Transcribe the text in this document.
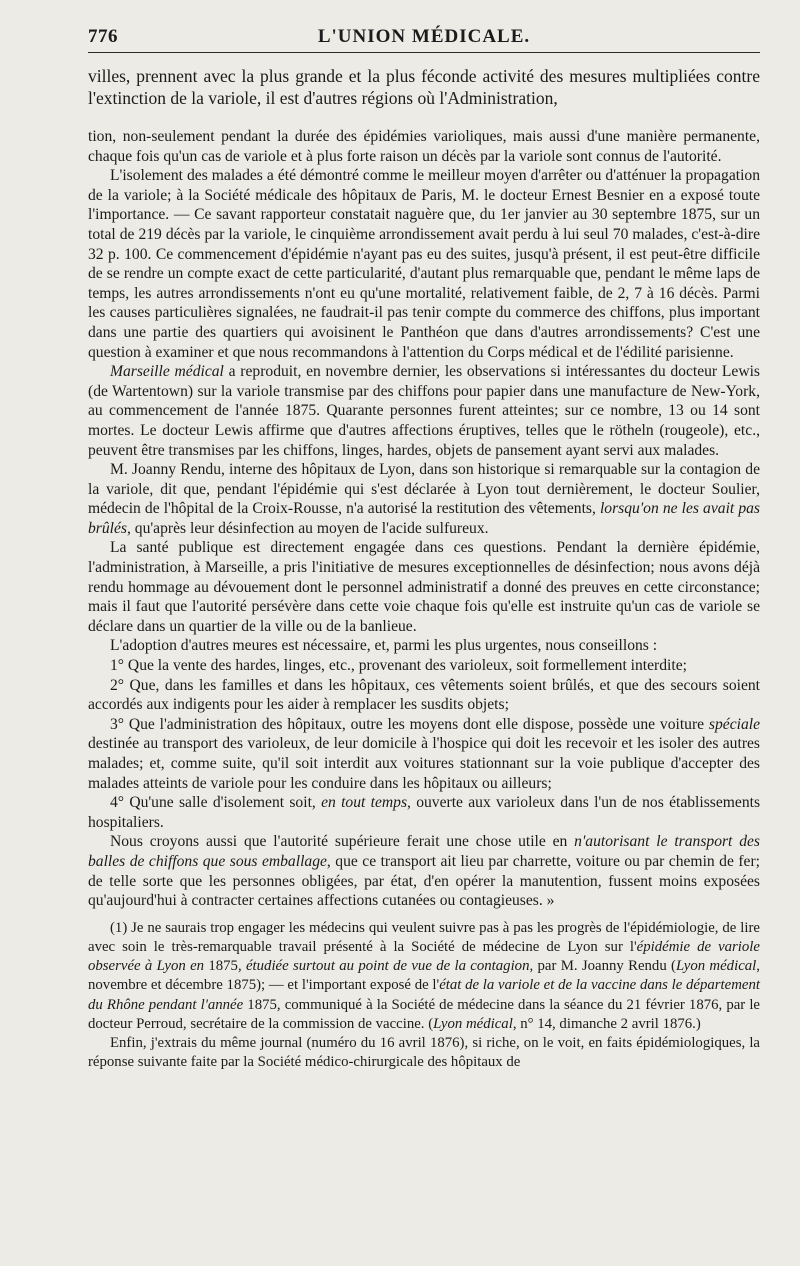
776	L'UNION MÉDICALE.

villes, prennent avec la plus grande et la plus féconde activité des mesures multipliées contre l'extinction de la variole, il est d'autres régions où l'Administration,

tion, non-seulement pendant la durée des épidémies varioliques, mais aussi d'une manière permanente, chaque fois qu'un cas de variole et à plus forte raison un décès par la variole sont connus de l'autorité.

L'isolement des malades a été démontré comme le meilleur moyen d'arrêter ou d'atténuer la propagation de la variole; à la Société médicale des hôpitaux de Paris, M. le docteur Ernest Besnier en a exposé toute l'importance. — Ce savant rapporteur constatait naguère que, du 1er janvier au 30 septembre 1875, sur un total de 219 décès par la variole, le cinquième arrondissement avait perdu à lui seul 70 malades, c'est-à-dire 32 p. 100. Ce commencement d'épidémie n'ayant pas eu des suites, jusqu'à présent, il est peut-être difficile de se rendre un compte exact de cette particularité, d'autant plus remarquable que, pendant le même laps de temps, les autres arrondissements n'ont eu qu'une mortalité, relativement faible, de 2, 7 à 16 décès. Parmi les causes particulières signalées, ne faudrait-il pas tenir compte du commerce des chiffons, plus important dans une partie des quartiers qui avoisinent le Panthéon que dans d'autres arrondissements? C'est une question à examiner et que nous recommandons à l'attention du Corps médical et de l'édilité parisienne.

Marseille médical a reproduit, en novembre dernier, les observations si intéressantes du docteur Lewis (de Wartentown) sur la variole transmise par des chiffons pour papier dans une manufacture de New-York, au commencement de l'année 1875. Quarante personnes furent atteintes; sur ce nombre, 13 ou 14 sont mortes. Le docteur Lewis affirme que d'autres affections éruptives, telles que le rötheln (rougeole), etc., peuvent être transmises par les chiffons, linges, hardes, objets de pansement ayant servi aux malades.

M. Joanny Rendu, interne des hôpitaux de Lyon, dans son historique si remarquable sur la contagion de la variole, dit que, pendant l'épidémie qui s'est déclarée à Lyon tout dernièrement, le docteur Soulier, médecin de l'hôpital de la Croix-Rousse, n'a autorisé la restitution des vêtements, lorsqu'on ne les avait pas brûlés, qu'après leur désinfection au moyen de l'acide sulfureux.

La santé publique est directement engagée dans ces questions. Pendant la dernière épidémie, l'administration, à Marseille, a pris l'initiative de mesures exceptionnelles de désinfection; nous avons déjà rendu hommage au dévouement dont le personnel administratif a donné des preuves en cette circonstance; mais il faut que l'autorité persévère dans cette voie chaque fois qu'elle est instruite qu'un cas de variole se déclare dans un quartier de la ville ou de la banlieue.

L'adoption d'autres meures est nécessaire, et, parmi les plus urgentes, nous conseillons :

1° Que la vente des hardes, linges, etc., provenant des varioleux, soit formellement interdite;

2° Que, dans les familles et dans les hôpitaux, ces vêtements soient brûlés, et que des secours soient accordés aux indigents pour les aider à remplacer les susdits objets;

3° Que l'administration des hôpitaux, outre les moyens dont elle dispose, possède une voiture spéciale destinée au transport des varioleux, de leur domicile à l'hospice qui doit les recevoir et les isoler des autres malades; et, comme suite, qu'il soit interdit aux voitures stationnant sur la voie publique d'accepter des malades atteints de variole pour les conduire dans les hôpitaux ou ailleurs;

4° Qu'une salle d'isolement soit, en tout temps, ouverte aux varioleux dans l'un de nos établissements hospitaliers.

Nous croyons aussi que l'autorité supérieure ferait une chose utile en n'autorisant le transport des balles de chiffons que sous emballage, que ce transport ait lieu par charrette, voiture ou par chemin de fer; de telle sorte que les personnes obligées, par état, d'en opérer la manutention, fussent moins exposées qu'aujourd'hui à contracter certaines affections cutanées ou contagieuses. »

(1) Je ne saurais trop engager les médecins qui veulent suivre pas à pas les progrès de l'épidémiologie, de lire avec soin le très-remarquable travail présenté à la Société de médecine de Lyon sur l'épidémie de variole observée à Lyon en 1875, étudiée surtout au point de vue de la contagion, par M. Joanny Rendu (Lyon médical, novembre et décembre 1875); — et l'important exposé de l'état de la variole et de la vaccine dans le département du Rhône pendant l'année 1875, communiqué à la Société de médecine dans la séance du 21 février 1876, par le docteur Perroud, secrétaire de la commission de vaccine. (Lyon médical, n° 14, dimanche 2 avril 1876.)

Enfin, j'extrais du même journal (numéro du 16 avril 1876), si riche, on le voit, en faits épidémiologiques, la réponse suivante faite par la Société médico-chirurgicale des hôpitaux de
